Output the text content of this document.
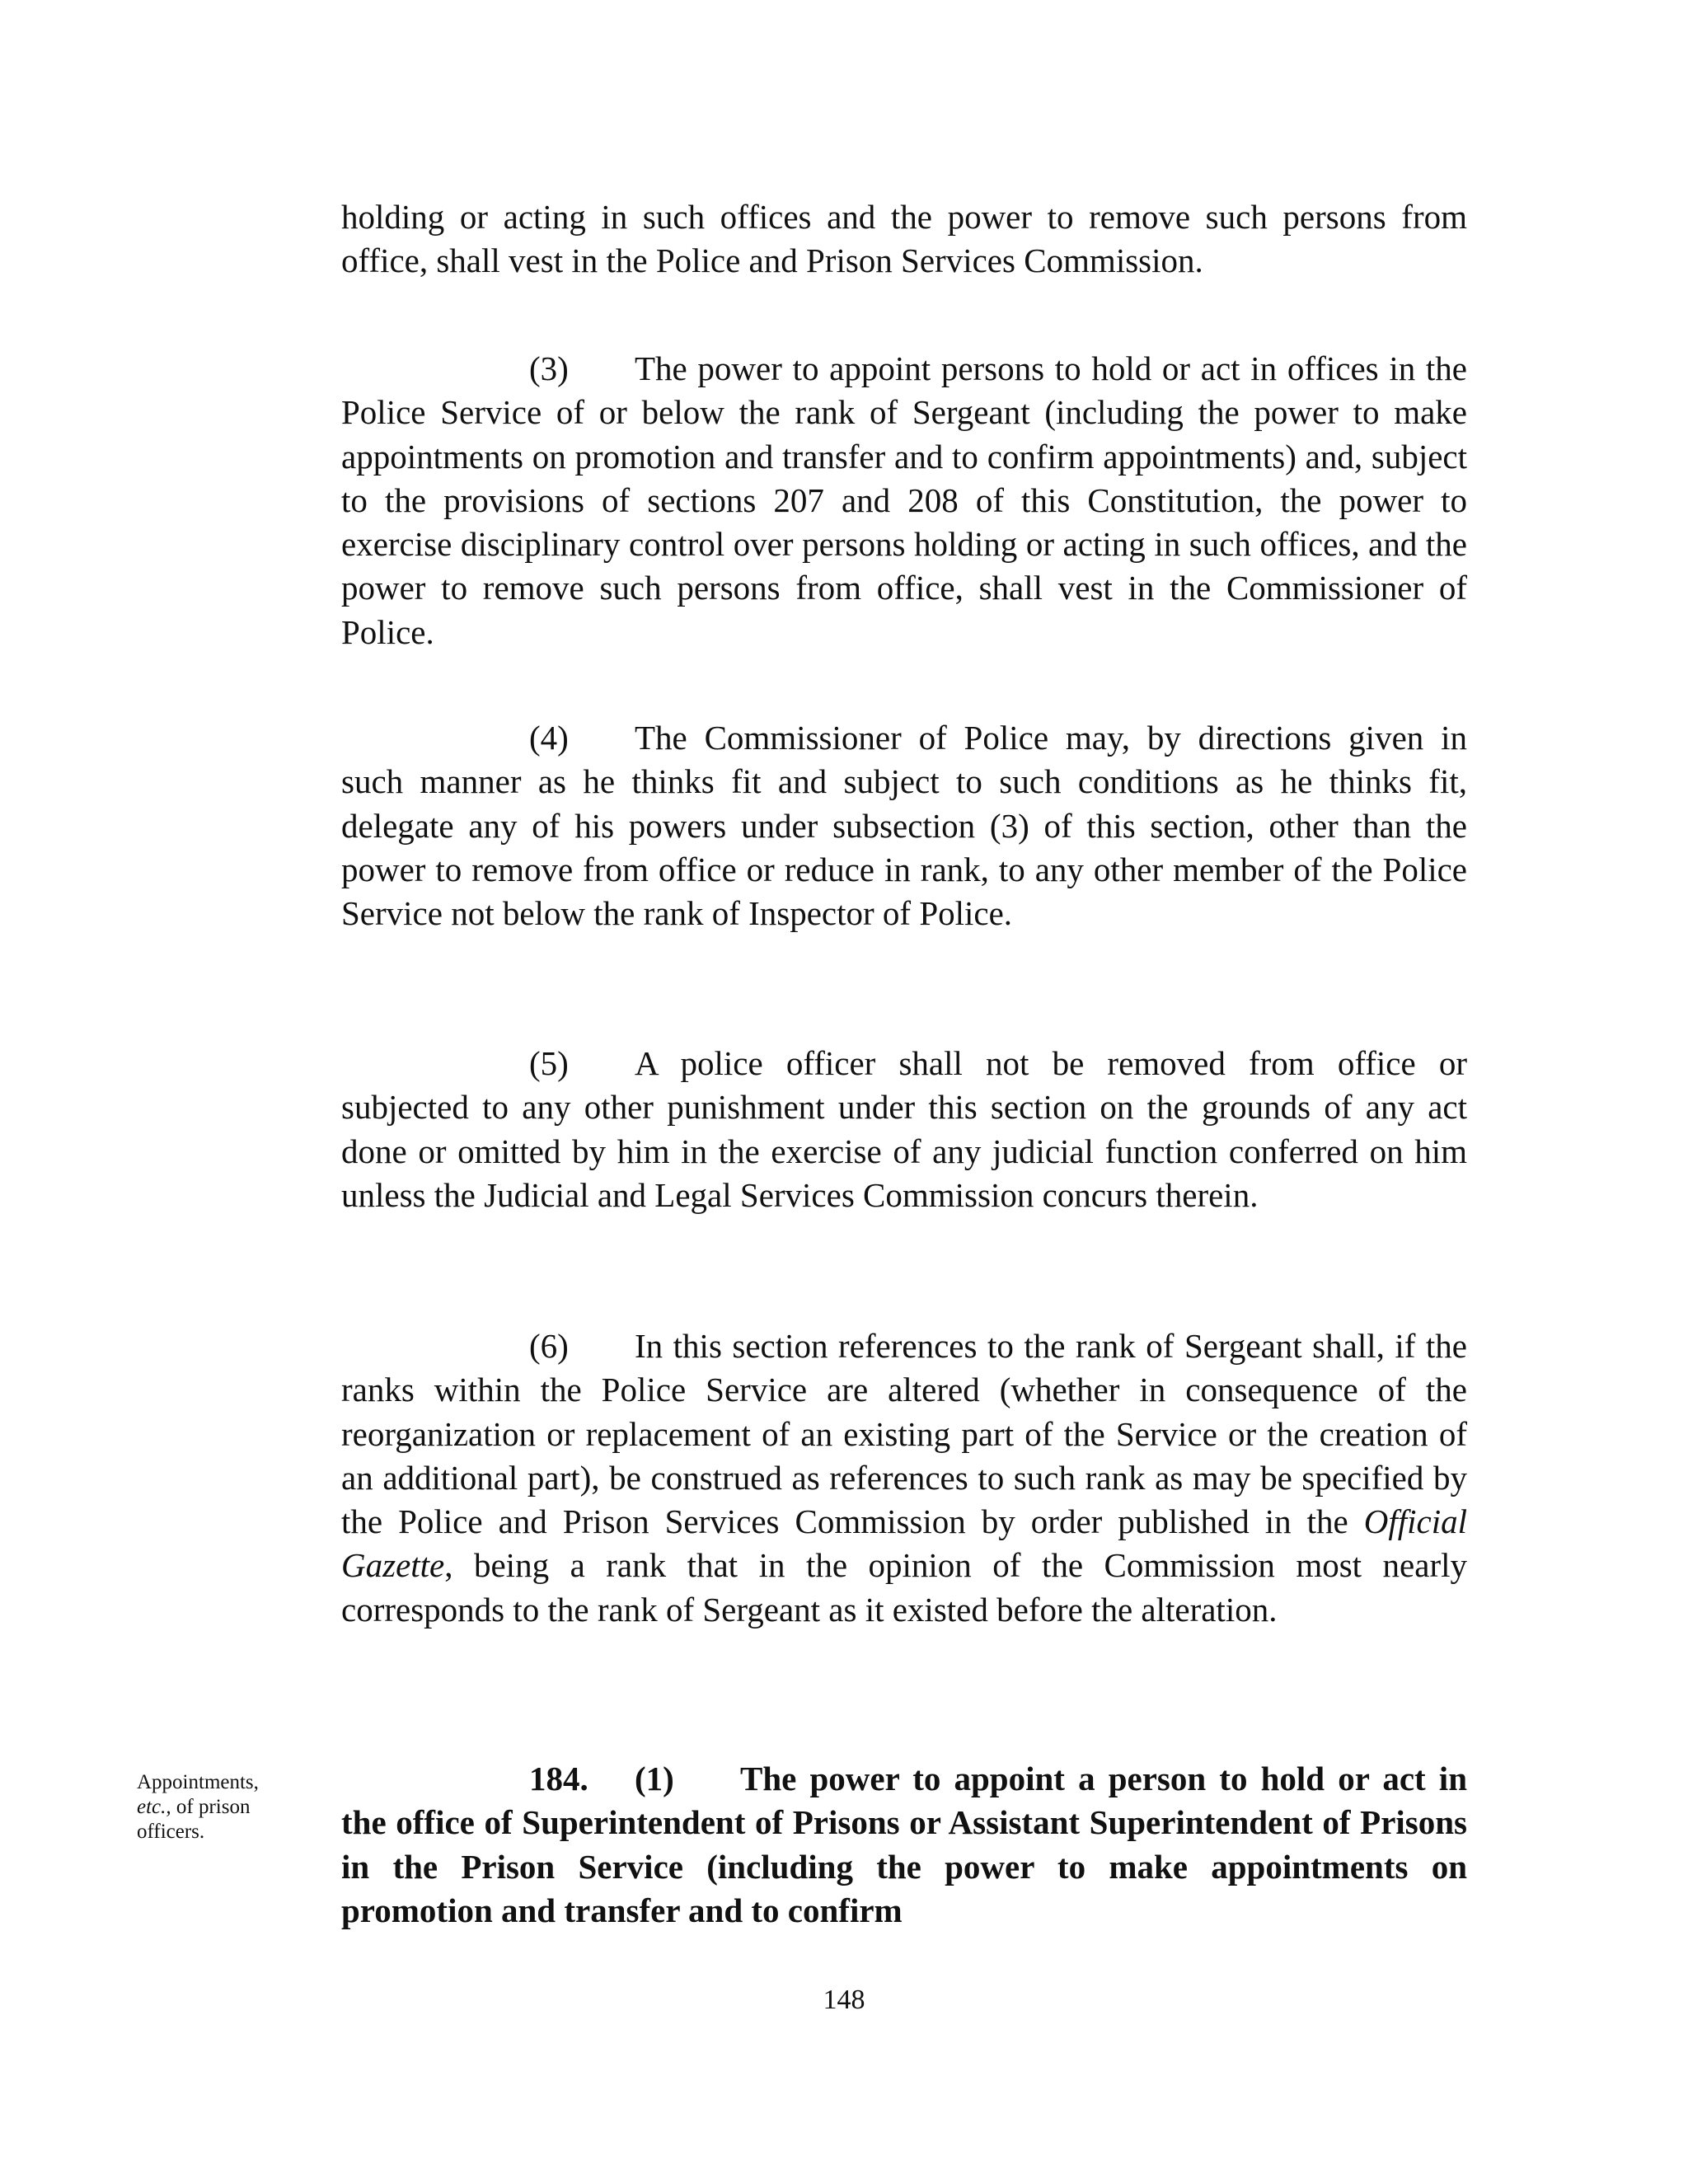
holding or acting in such offices and the power to remove such persons from office, shall vest in the Police and Prison Services Commission.

(3) The power to appoint persons to hold or act in offices in the Police Service of or below the rank of Sergeant (including the power to make appointments on promotion and transfer and to confirm appointments) and, subject to the provisions of sections 207 and 208 of this Constitution, the power to exercise disciplinary control over persons holding or acting in such offices, and the power to remove such persons from office, shall vest in the Commissioner of Police.

(4) The Commissioner of Police may, by directions given in such manner as he thinks fit and subject to such conditions as he thinks fit, delegate any of his powers under subsection (3) of this section, other than the power to remove from office or reduce in rank, to any other member of the Police Service not below the rank of Inspector of Police.

(5) A police officer shall not be removed from office or subjected to any other punishment under this section on the grounds of any act done or omitted by him in the exercise of any judicial function conferred on him unless the Judicial and Legal Services Commission concurs therein.

(6) In this section references to the rank of Sergeant shall, if the ranks within the Police Service are altered (whether in consequence of the reorganization or replacement of an existing part of the Service or the creation of an additional part), be construed as references to such rank as may be specified by the Police and Prison Services Commission by order published in the Official Gazette, being a rank that in the opinion of the Commission most nearly corresponds to the rank of Sergeant as it existed before the alteration.

Appointments,
etc., of prison
officers.

184. (1) The power to appoint a person to hold or act in the office of Superintendent of Prisons or Assistant Superintendent of Prisons in the Prison Service (including the power to make appointments on promotion and transfer and to confirm

148
